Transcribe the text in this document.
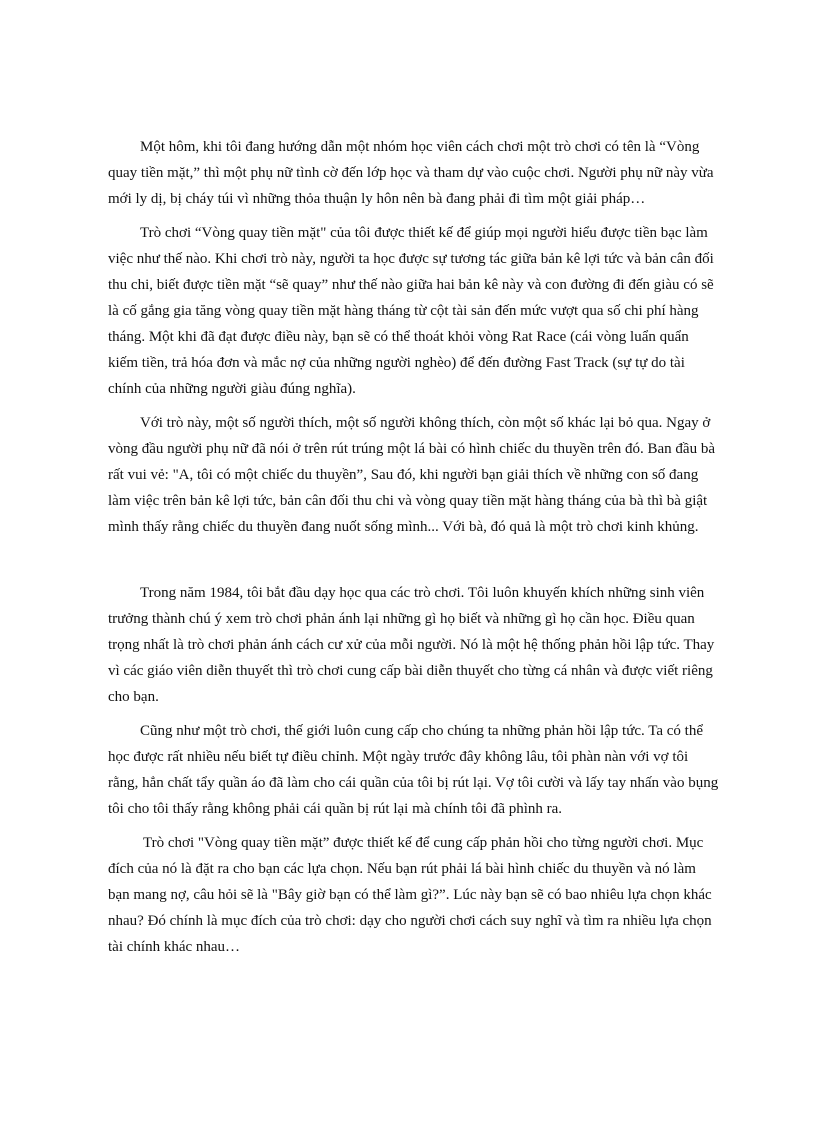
Một hôm, khi tôi đang hướng dẫn một nhóm học viên cách chơi một trò chơi có tên là “Vòng quay tiền mặt,” thì một phụ nữ tình cờ đến lớp học và tham dự vào cuộc chơi. Người phụ nữ này vừa mới ly dị, bị cháy túi vì những thỏa thuận ly hôn nên bà đang phải đi tìm một giải pháp…

Trò chơi “Vòng quay tiền mặt" của tôi được thiết kế để giúp mọi người hiểu được tiền bạc làm việc như thế nào. Khi chơi trò này, người ta học được sự tương tác giữa bản kê lợi tức và bản cân đối thu chi, biết được tiền mặt “sẽ quay” như thế nào giữa hai bản kê này và con đường đi đến giàu có sẽ là cố gắng gia tăng vòng quay tiền mặt hàng tháng từ cột tài sản đến mức vượt qua số chi phí hàng tháng. Một khi đã đạt được điều này, bạn sẽ có thể thoát khỏi vòng Rat Race (cái vòng luẩn quẩn kiếm tiền, trả hóa đơn và mắc nợ của những người nghèo) để đến đường Fast Track (sự tự do tài chính của những người giàu đúng nghĩa).

Với trò này, một số người thích, một số người không thích, còn một số khác lại bỏ qua. Ngay ở vòng đầu người phụ nữ đã nói ở trên rút trúng một lá bài có hình chiếc du thuyền trên đó. Ban đầu bà rất vui vẻ: "A, tôi có một chiếc du thuyền”, Sau đó, khi người bạn giải thích về những con số đang làm việc trên bản kê lợi tức, bản cân đối thu chi và vòng quay tiền mặt hàng tháng của bà thì bà giật mình thấy rằng chiếc du thuyền đang nuốt sống mình... Với bà, đó quả là một trò chơi kinh khủng.

Trong năm 1984, tôi bắt đầu dạy học qua các trò chơi. Tôi luôn khuyến khích những sinh viên trưởng thành chú ý xem trò chơi phản ánh lại những gì họ biết và những gì họ cần học. Điều quan trọng nhất là trò chơi phản ánh cách cư xử của mỗi người. Nó là một hệ thống phản hồi lập tức. Thay vì các giáo viên diễn thuyết thì trò chơi cung cấp bài diễn thuyết cho từng cá nhân và được viết riêng cho bạn.

Cũng như một trò chơi, thế giới luôn cung cấp cho chúng ta những phản hồi lập tức. Ta có thể học được rất nhiều nếu biết tự điều chỉnh. Một ngày trước đây không lâu, tôi phàn nàn với vợ tôi rằng, hẳn chất tẩy quần áo đã làm cho cái quần của tôi bị rút lại. Vợ tôi cười và lấy tay nhấn vào bụng tôi cho tôi thấy rằng không phải cái quần bị rút lại mà chính tôi đã phình ra.

Trò chơi "Vòng quay tiền mặt” được thiết kế để cung cấp phản hồi cho từng người chơi. Mục đích của nó là đặt ra cho bạn các lựa chọn. Nếu bạn rút phải lá bài hình chiếc du thuyền và nó làm bạn mang nợ, câu hỏi sẽ là "Bây giờ bạn có thể làm gì?”. Lúc này bạn sẽ có bao nhiêu lựa chọn khác nhau? Đó chính là mục đích của trò chơi: dạy cho người chơi cách suy nghĩ và tìm ra nhiều lựa chọn tài chính khác nhau…
